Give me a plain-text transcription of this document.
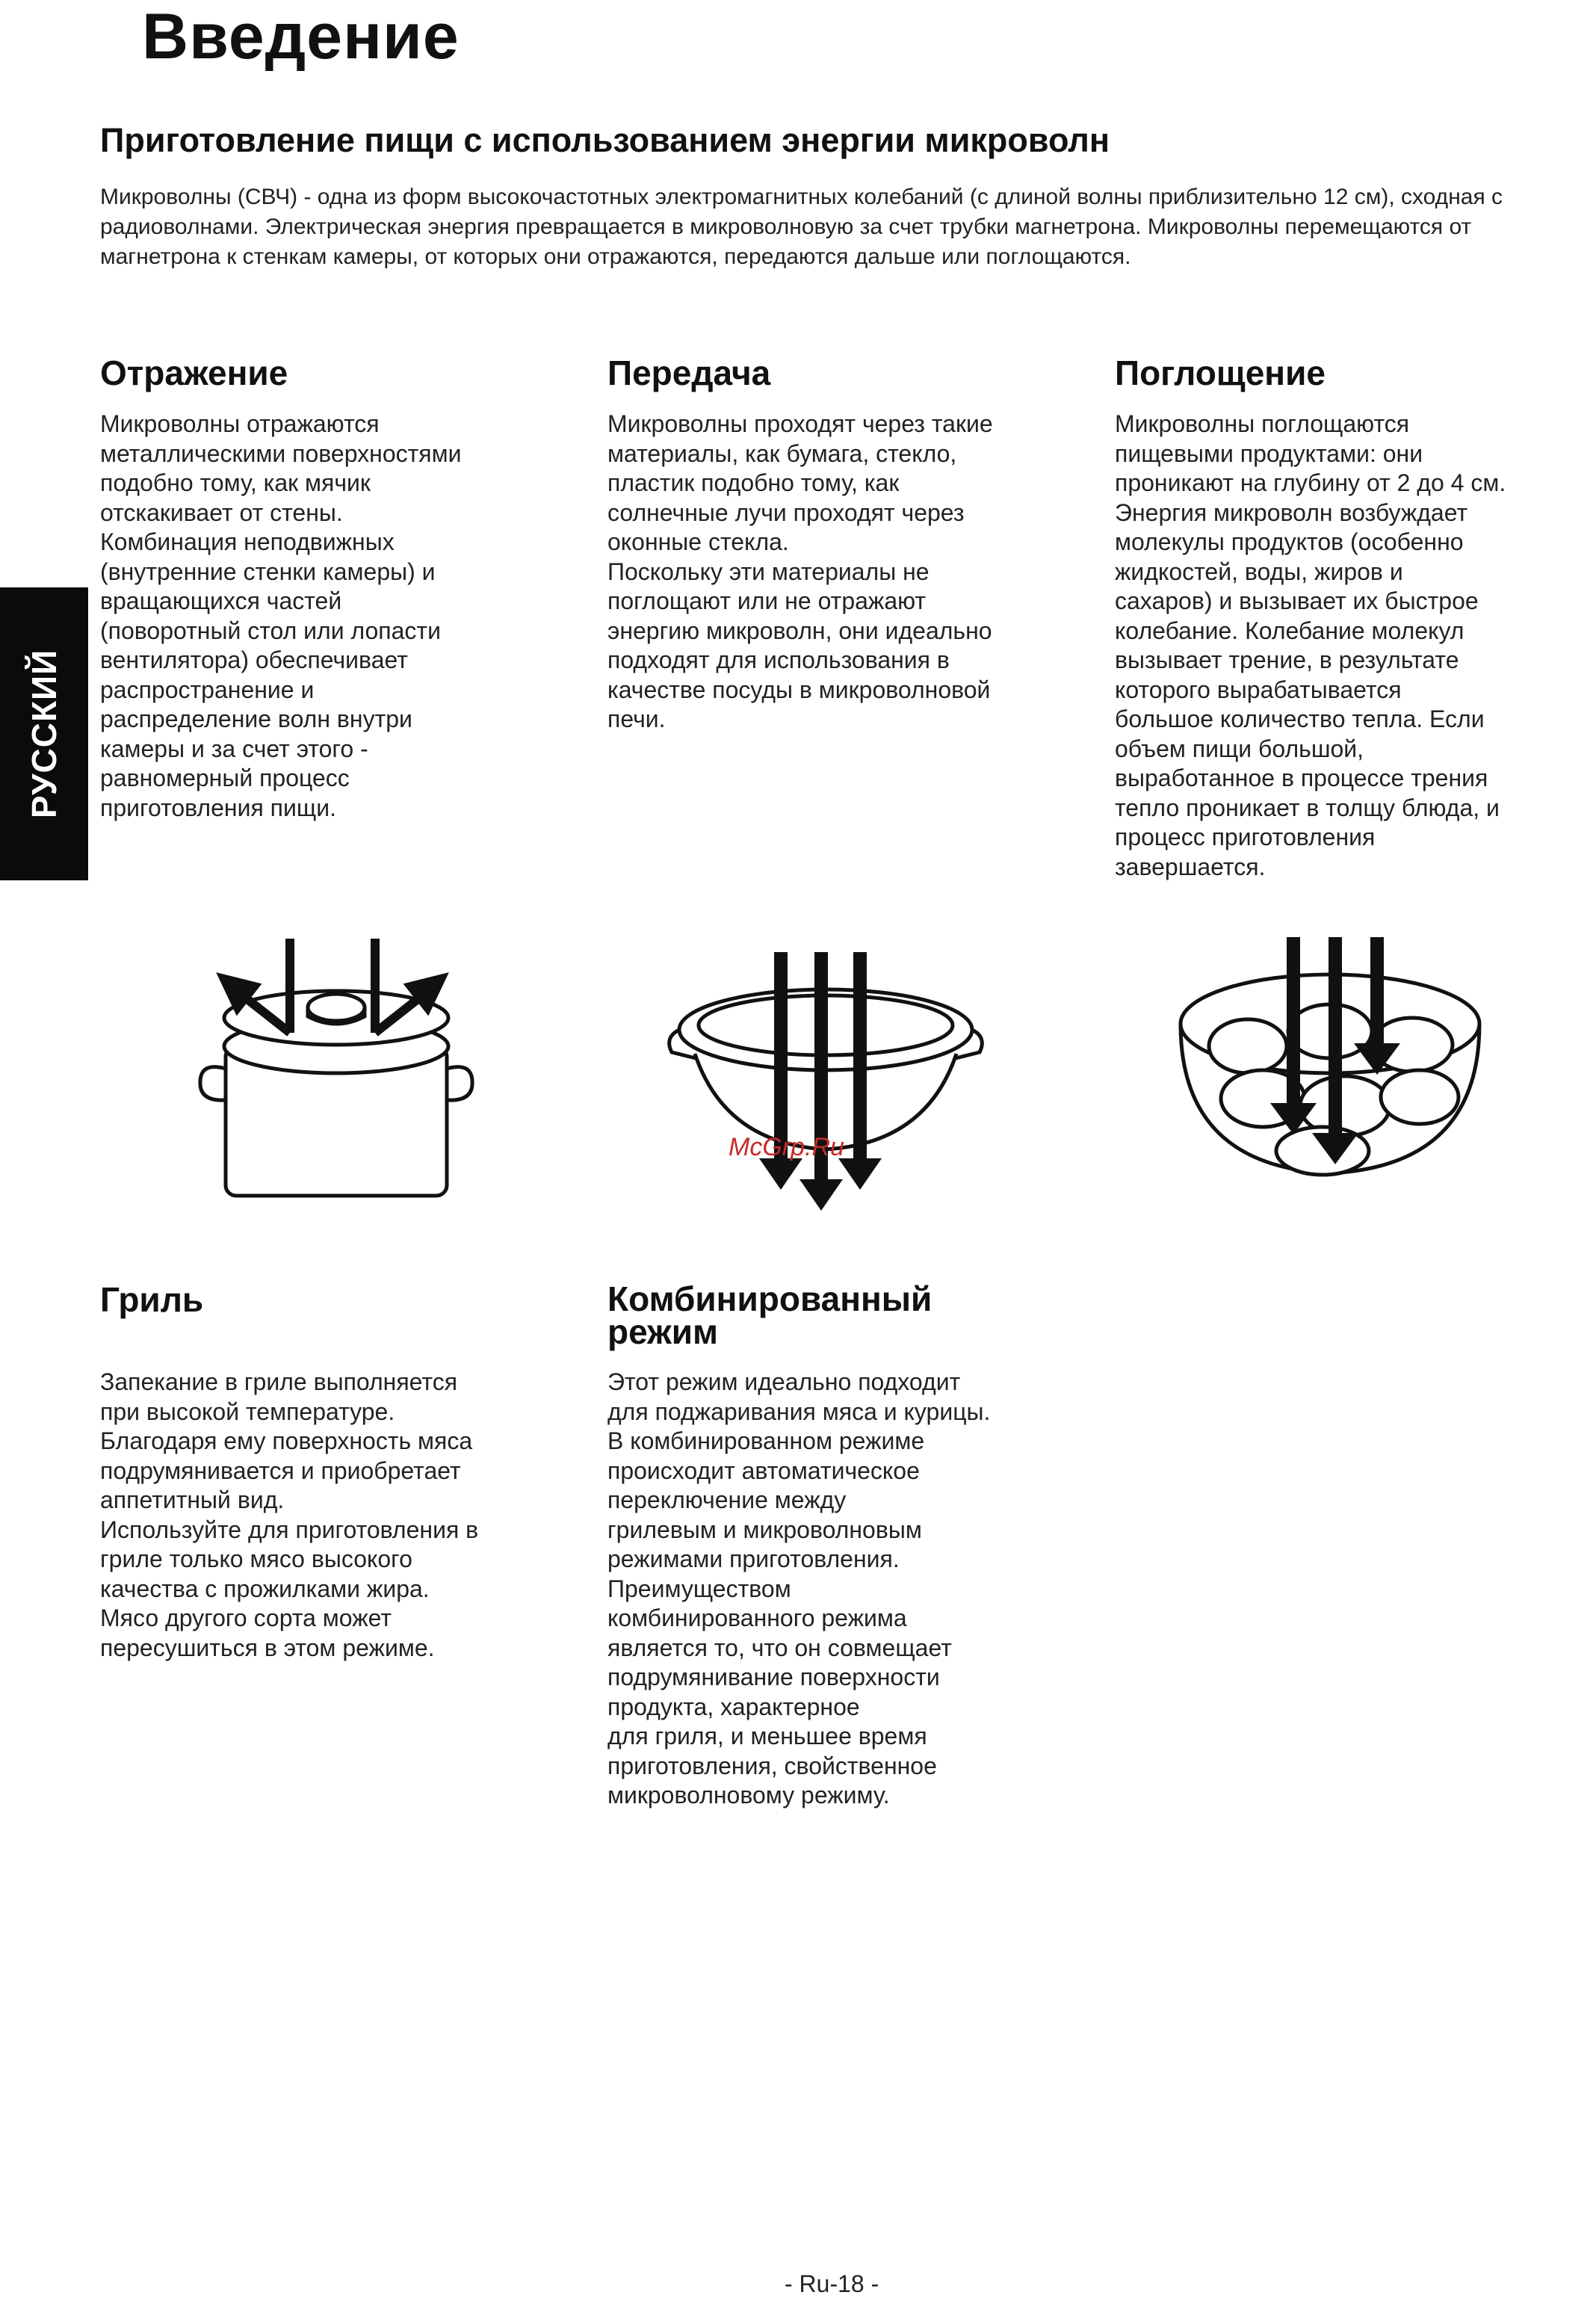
Введение
Приготовление пищи с использованием энергии микроволн
Микроволны (СВЧ) - одна из форм высокочастотных электромагнитных колебаний (с длиной волны приблизительно 12 см), сходная с радиоволнами. Электрическая энергия превращается в микроволновую за счет трубки магнетрона. Микроволны перемещаются от магнетрона к стенкам камеры, от которых они отражаются, передаются дальше или поглощаются.
РУССКИЙ
Отражение
Микроволны отражаются
металлическими поверхностями
подобно тому, как мячик
отскакивает от стены.
Комбинация неподвижных
(внутренние стенки камеры) и
вращающихся частей
(поворотный стол или лопасти
вентилятора) обеспечивает
распространение и
распределение волн внутри
камеры и за счет этого -
равномерный процесс
приготовления пищи.
Передача
Микроволны проходят через такие
материалы, как бумага, стекло,
пластик подобно тому, как
солнечные лучи проходят через
оконные стекла.
Поскольку эти материалы не
поглощают или не отражают
энергию микроволн, они идеально
подходят для использования в
качестве посуды в микроволновой
печи.
Поглощение
Микроволны поглощаются
пищевыми продуктами: они
проникают на глубину от 2 до 4 см.
Энергия микроволн возбуждает
молекулы продуктов (особенно
жидкостей, воды, жиров и
сахаров) и вызывает их быстрое
колебание. Колебание молекул
вызывает трение, в результате
которого вырабатывается
большое количество тепла. Если
объем пищи большой,
выработанное в процессе трения
тепло проникает в толщу блюда, и
процесс приготовления
завершается.
McGrp.Ru
Гриль
Запекание в гриле выполняется
при высокой температуре.
Благодаря ему поверхность мяса
подрумянивается и приобретает
аппетитный вид.
Используйте для приготовления в
гриле только мясо высокого
качества с прожилками жира.
Мясо другого сорта может
пересушиться в этом режиме.
Комбинированный
режим
Этот режим идеально подходит
для поджаривания мяса и курицы.
В комбинированном режиме
происходит автоматическое
переключение между
грилевым и микроволновым
режимами приготовления.
Преимуществом
комбинированного режима
является то, что он совмещает
подрумянивание поверхности
продукта, характерное
для гриля, и меньшее время
приготовления, свойственное
микроволновому режиму.
- Ru-18 -
